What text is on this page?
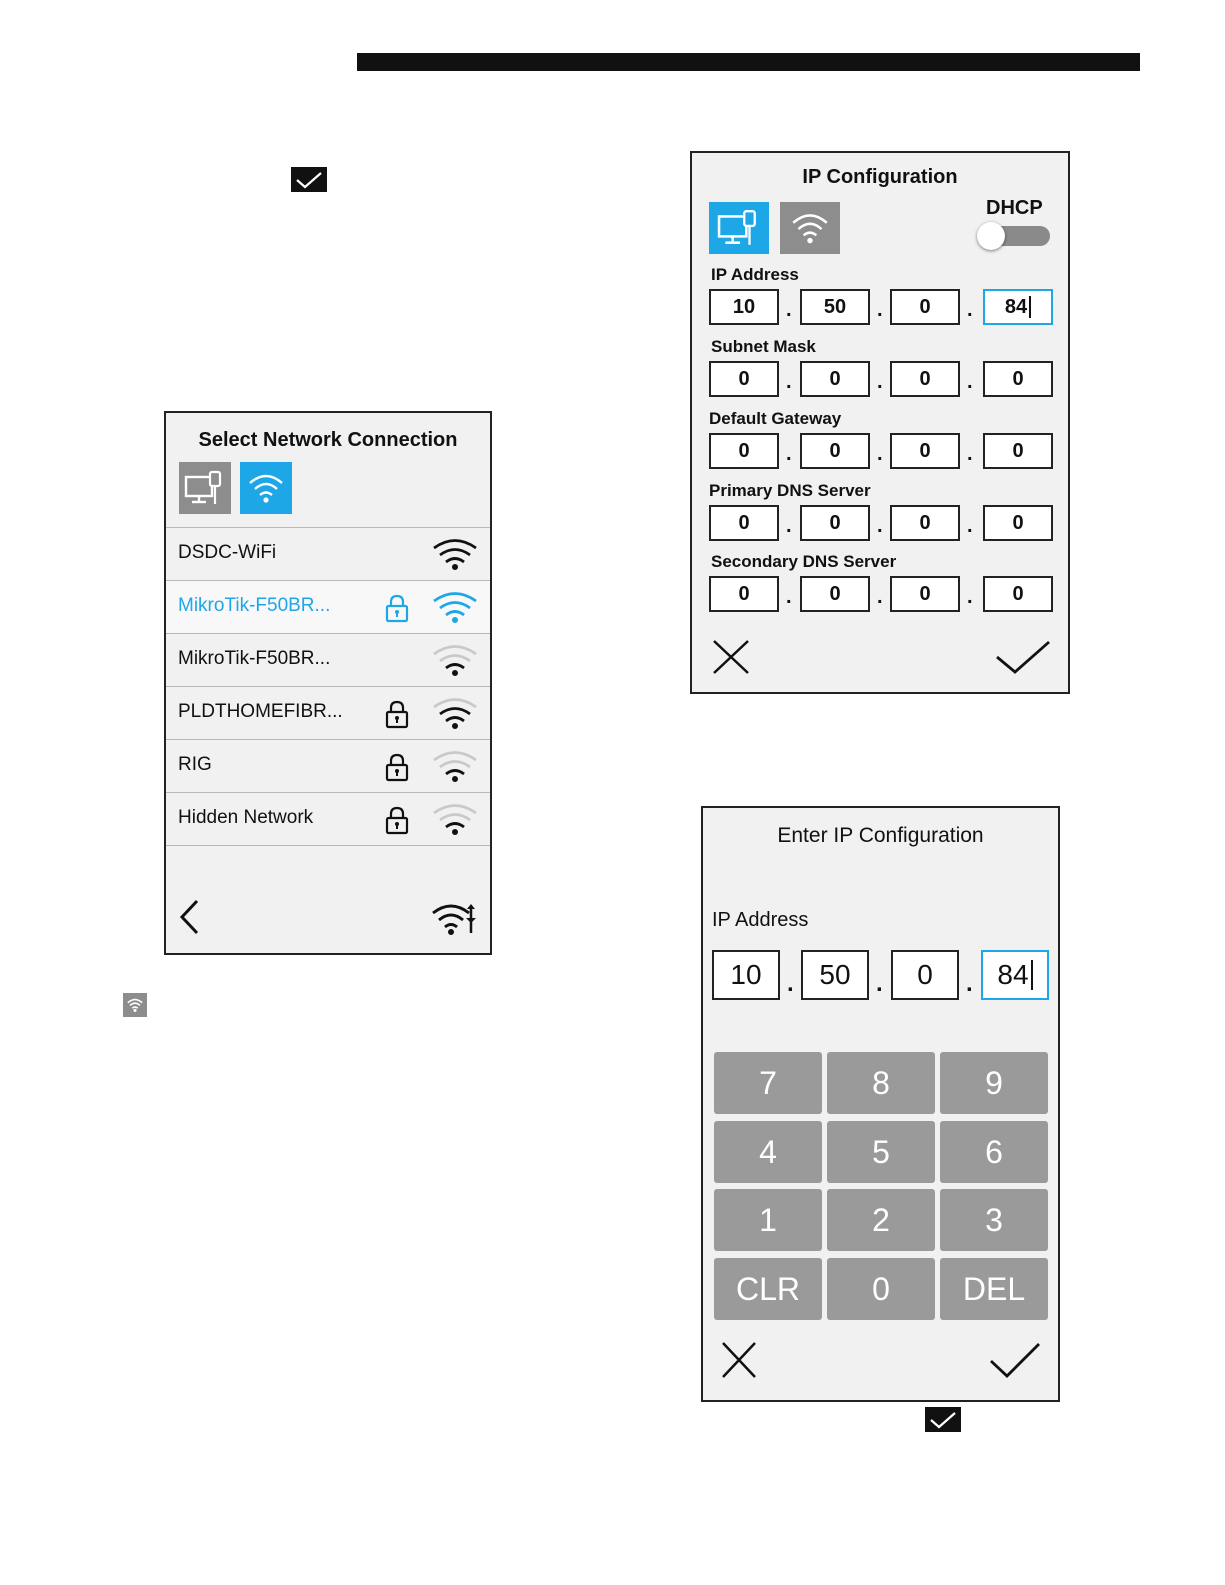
Select Network Connection
DSDC-WiFi
MikroTik-F50BR...
MikroTik-F50BR...
PLDTHOMEFIBR...
RIG
Hidden Network
IP Configuration
DHCP
IP Address
10 . 50 . 0 . 84
Subnet Mask
0 . 0 . 0 . 0
Default Gateway
0 . 0 . 0 . 0
Primary DNS Server
0 . 0 . 0 . 0
Secondary DNS Server
0 . 0 . 0 . 0
Enter IP Configuration
IP Address
10 . 50 . 0 . 84
7	8	9
4	5	6
1	2	3
CLR	0	DEL
